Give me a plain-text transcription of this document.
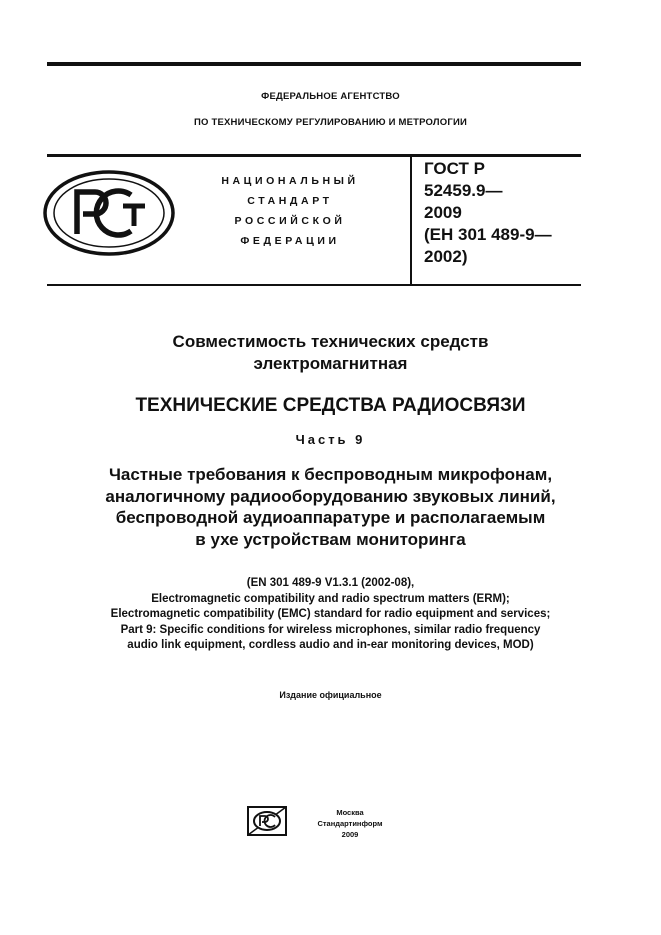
ФЕДЕРАЛЬНОЕ АГЕНТСТВО
ПО ТЕХНИЧЕСКОМУ РЕГУЛИРОВАНИЮ И МЕТРОЛОГИИ
НАЦИОНАЛЬНЫЙ
СТАНДАРТ
РОССИЙСКОЙ
ФЕДЕРАЦИИ
ГОСТ Р
52459.9—
2009
(ЕН 301 489-9—
2002)
Совместимость технических средств
электромагнитная
ТЕХНИЧЕСКИЕ СРЕДСТВА РАДИОСВЯЗИ
Часть 9
Частные требования к беспроводным микрофонам,
аналогичному радиооборудованию звуковых линий,
беспроводной аудиоаппаратуре и располагаемым
в ухе устройствам мониторинга
(EN 301 489-9 V1.3.1 (2002-08),
Electromagnetic compatibility and radio spectrum matters (ERM);
Electromagnetic compatibility (EMC) standard for radio equipment and services;
Part 9: Specific conditions for wireless microphones, similar radio frequency
audio link equipment, cordless audio and in-ear monitoring devices, MOD)
Издание официальное
Москва
Стандартинформ
2009
